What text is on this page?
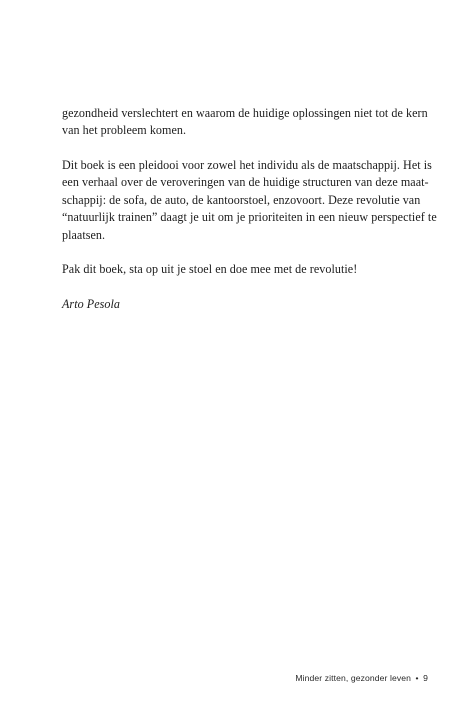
gezondheid verslechtert en waarom de huidige oplossingen niet tot de kern
van het probleem komen.

Dit boek is een pleidooi voor zowel het individu als de maatschappij. Het is
een verhaal over de veroveringen van de huidige structuren van deze maat-
schappij: de sofa, de auto, de kantoorstoel, enzovoort. Deze revolutie van
“natuurlijk trainen” daagt je uit om je prioriteiten in een nieuw perspectief te
plaatsen.

Pak dit boek, sta op uit je stoel en doe mee met de revolutie!

Arto Pesola

Minder zitten, gezonder leven • 9
